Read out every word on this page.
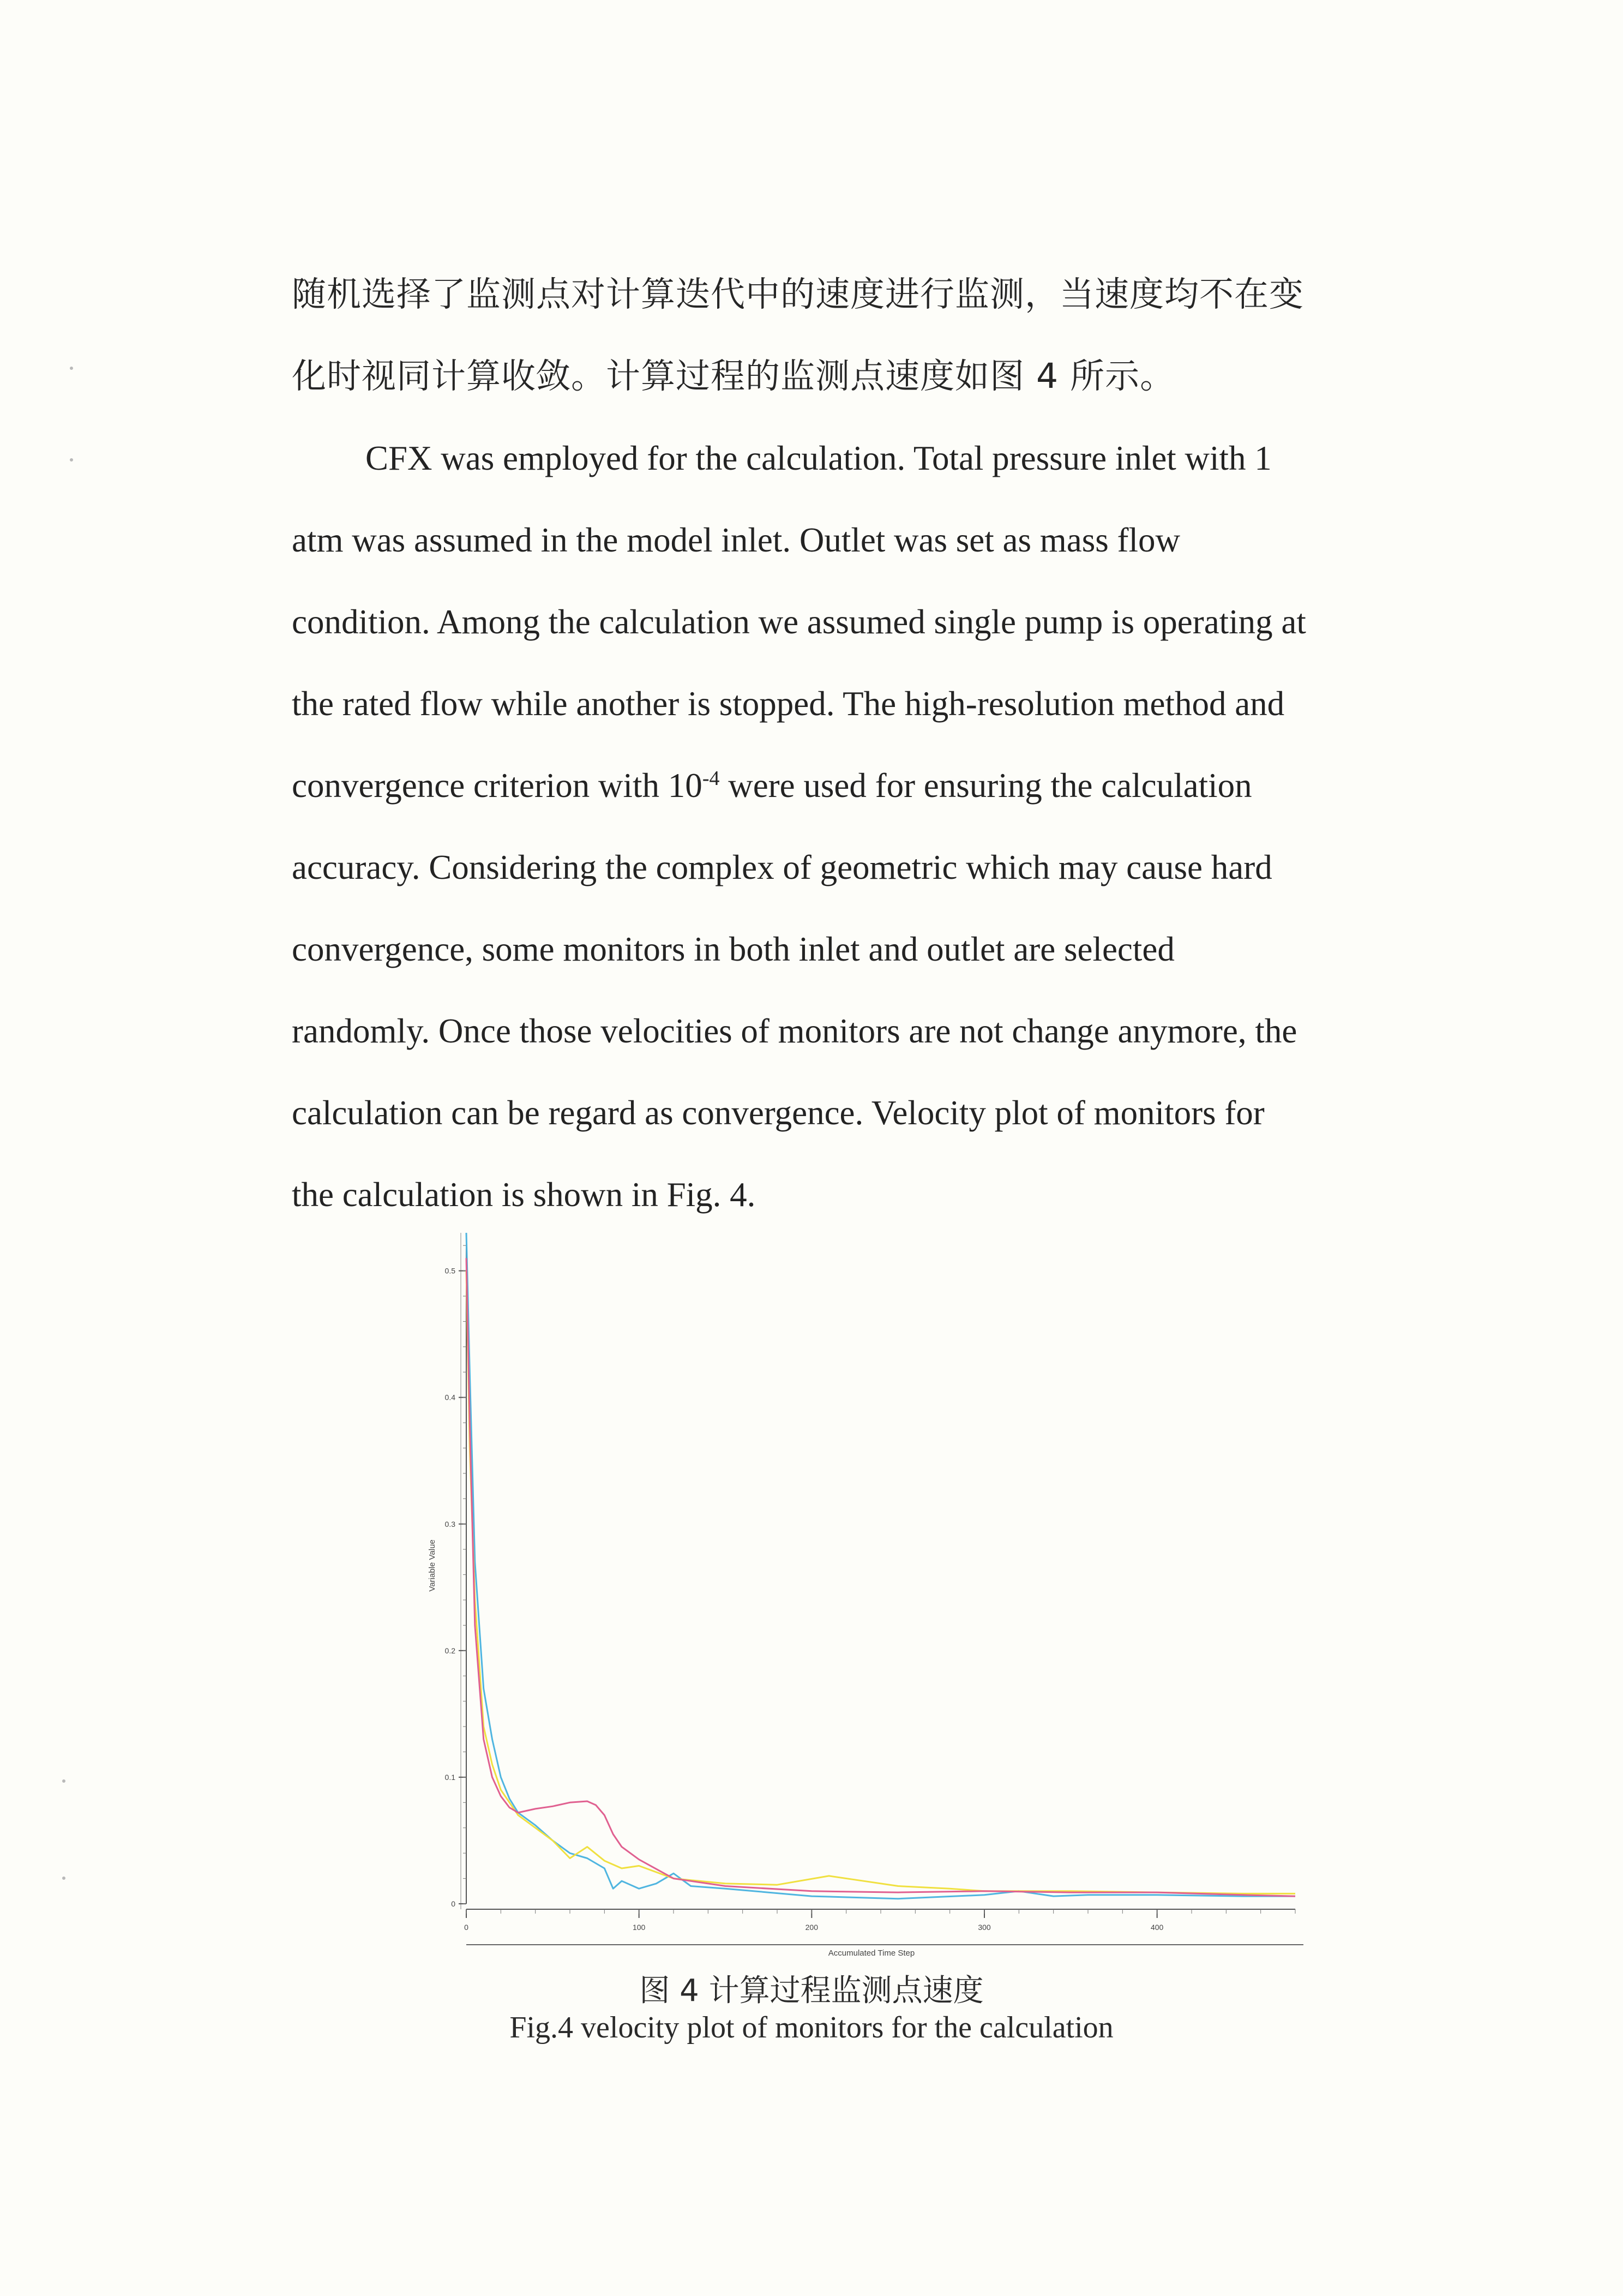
随机选择了监测点对计算迭代中的速度进行监测，当速度均不在变
化时视同计算收敛。计算过程的监测点速度如图 4 所示。
CFX was employed for the calculation. Total pressure inlet with 1
atm was assumed in the model inlet. Outlet was set as mass flow
condition. Among the calculation we assumed single pump is operating at
the rated flow while another is stopped. The high-resolution method and
convergence criterion with $10^{-4}$ were used for ensuring the calculation
accuracy. Considering the complex of geometric which may cause hard
convergence, some monitors in both inlet and outlet are selected
randomly. Once those velocities of monitors are not change anymore, the
calculation can be regard as convergence. Velocity plot of monitors for
the calculation is shown in Fig. 4.
0
0.1
0.2
0.3
0.4
0.5
0	100	200	300	400
Variable Value
Accumulated Time Step
图 4 计算过程监测点速度
Fig.4 velocity plot of monitors for the calculation
